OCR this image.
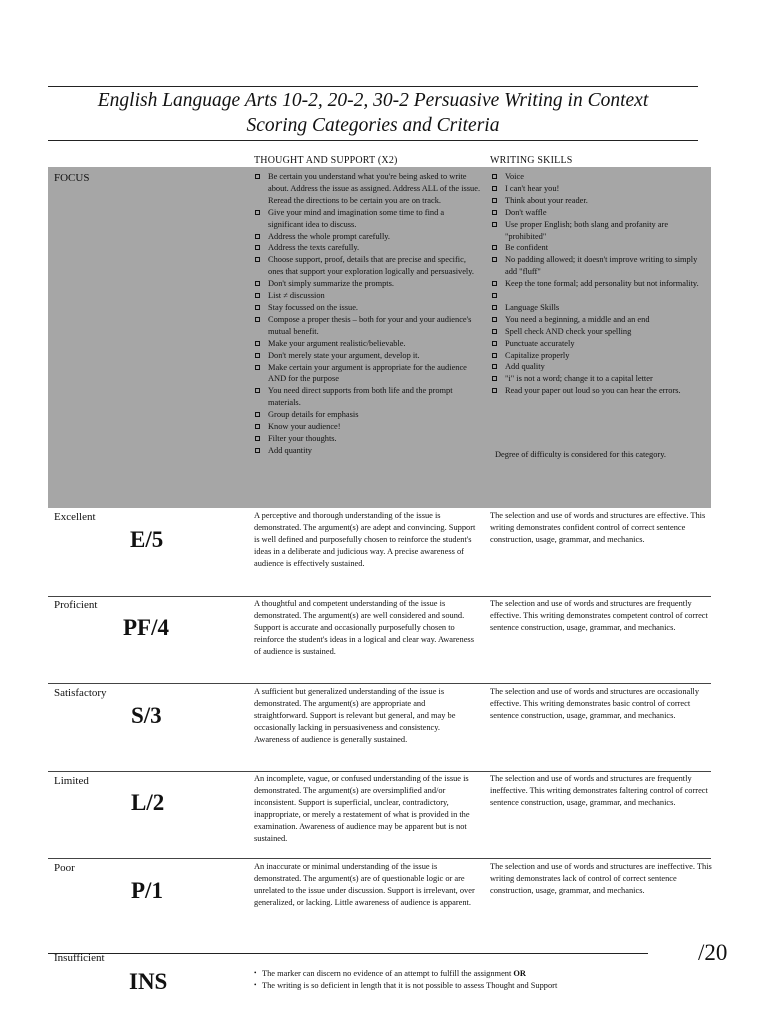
English Language Arts 10-2, 20-2, 30-2 Persuasive Writing in Context
Scoring Categories and Criteria
THOUGHT AND SUPPORT (X2)	WRITING SKILLS
FOCUS	Be certain you understand what you're being asked to write about. Address the issue as assigned. Address ALL of the issue. Reread the directions to be certain you are on track.
Give your mind and imagination some time to find a significant idea to discuss.
Address the whole prompt carefully.
Address the texts carefully.
Choose support, proof, details that are precise and specific, ones that support your exploration logically and persuasively.
Don't simply summarize the prompts.
List ≠ discussion
Stay focussed on the issue.
Compose a proper thesis – both for your and your audience's mutual benefit.
Make your argument realistic/believable.
Don't merely state your argument, develop it.
Make certain your argument is appropriate for the audience AND for the purpose
You need direct supports from both life and the prompt materials.
Group details for emphasis
Know your audience!
Filter your thoughts.
Add quantity
Voice
I can't hear you!
Think about your reader.
Don't waffle
Use proper English; both slang and profanity are "prohibited"
Be confident
No padding allowed; it doesn't improve writing to simply add "fluff"
Keep the tone formal; add personality but not informality.
Language Skills
You need a beginning, a middle and an end
Spell check AND check your spelling
Punctuate accurately
Capitalize properly
Add quality
"i" is not a word; change it to a capital letter
Read your paper out loud so you can hear the errors.
Degree of difficulty is considered for this category.
Excellent
E/5
A perceptive and thorough understanding of the issue is demonstrated. The argument(s) are adept and convincing. Support is well defined and purposefully chosen to reinforce the student's ideas in a deliberate and judicious way. A precise awareness of audience is effectively sustained.
The selection and use of words and structures are effective. This writing demonstrates confident control of correct sentence construction, usage, grammar, and mechanics.
Proficient
PF/4
A thoughtful and competent understanding of the issue is demonstrated. The argument(s) are well considered and sound. Support is accurate and occasionally purposefully chosen to reinforce the student's ideas in a logical and clear way. Awareness of audience is sustained.
The selection and use of words and structures are frequently effective. This writing demonstrates competent control of correct sentence construction, usage, grammar, and mechanics.
Satisfactory
S/3
A sufficient but generalized understanding of the issue is demonstrated. The argument(s) are appropriate and straightforward. Support is relevant but general, and may be occasionally lacking in persuasiveness and consistency. Awareness of audience is generally sustained.
The selection and use of words and structures are occasionally effective. This writing demonstrates basic control of correct sentence construction, usage, grammar, and mechanics.
Limited
L/2
An incomplete, vague, or confused understanding of the issue is demonstrated. The argument(s) are oversimplified and/or inconsistent. Support is superficial, unclear, contradictory, inappropriate, or merely a restatement of what is provided in the examination. Awareness of audience may be apparent but is not sustained.
The selection and use of words and structures are frequently ineffective. This writing demonstrates faltering control of correct sentence construction, usage, grammar, and mechanics.
Poor
P/1
An inaccurate or minimal understanding of the issue is demonstrated. The argument(s) are of questionable logic or are unrelated to the issue under discussion. Support is irrelevant, over generalized, or lacking. Little awareness of audience is apparent.
The selection and use of words and structures are ineffective. This writing demonstrates lack of control of correct sentence construction, usage, grammar, and mechanics.
Insufficient
INS
•	The marker can discern no evidence of an attempt to fulfill the assignment OR
• The writing is so deficient in length that it is not possible to assess Thought and Support
/20
